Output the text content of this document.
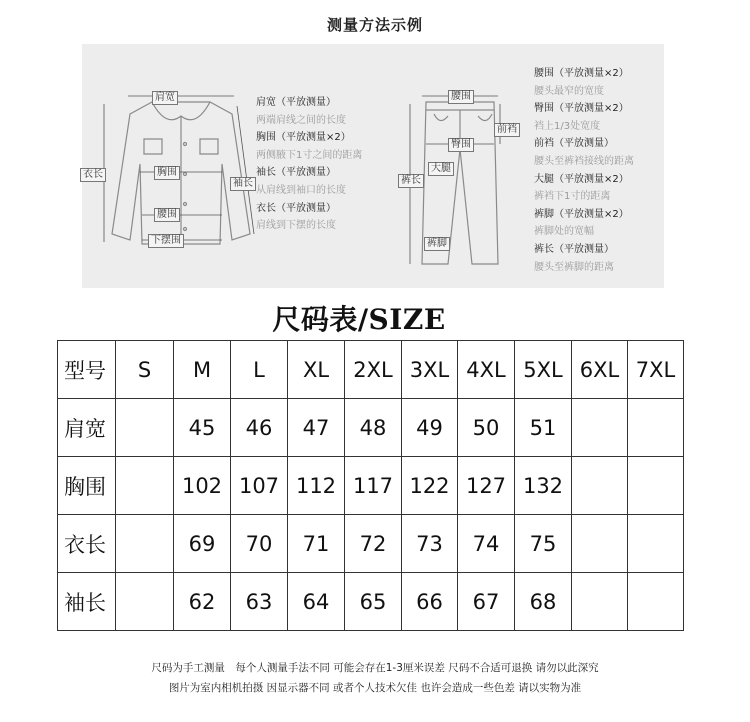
测量方法示例
肩宽
衣长	胸围
袖长
腰围
下摆围
肩宽（平放测量）
两端肩线之间的长度
胸围（平放测量×2）
两侧腋下1寸之间的距离
袖长（平放测量）
从肩线到袖口的长度
衣长（平放测量）
肩线到下摆的长度
腰围
前裆
臀围
大腿
裤长
裤脚
腰围（平放测量×2）
腰头最窄的宽度
臀围（平放测量×2）
裆上1/3处宽度
前裆（平放测量）
腰头至裤裆接线的距离
大腿（平放测量×2）
裤裆下1寸的距离
裤脚（平放测量×2）
裤脚处的宽幅
裤长（平放测量）
腰头至裤脚的距离
尺码表/SIZE
型号	S	M	L	XL	2XL	3XL	4XL	5XL	6XL	7XL
肩宽		45	46	47	48	49	50	51		
胸围		102	107	112	117	122	127	132		
衣长		69	70	71	72	73	74	75		
袖长		62	63	64	65	66	67	68		
尺码为手工测量　每个人测量手法不同 可能会存在1-3厘米误差 尺码不合适可退换 请勿以此深究
图片为室内相机拍摄 因显示器不同 或者个人技术欠佳 也许会造成一些色差 请以实物为准
